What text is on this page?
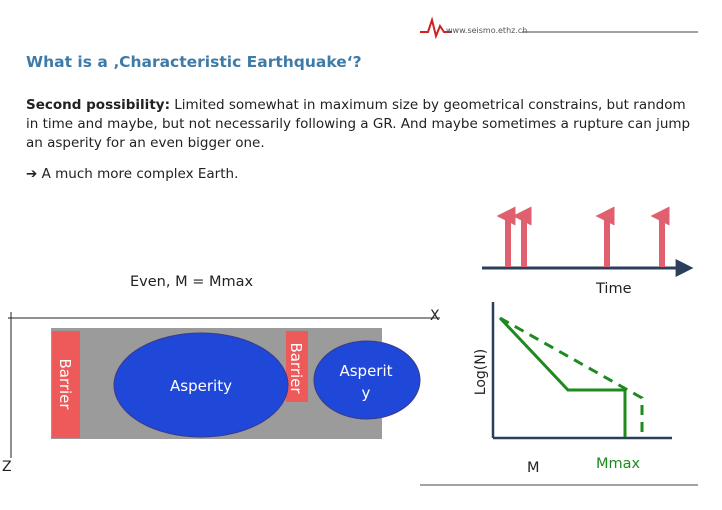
www.seismo.ethz.ch
What is a ‚Characteristic Earthquake‘?
Second possibility: Limited somewhat in maximum size by geometrical constrains, but random in time and maybe, but not necessarily following a GR. And maybe sometimes a rupture can jump an asperity for an even bigger one.
➔ A much more complex Earth.
Even, M = Mmax	Time
X
Z
Barrier	Barrier
Asperity
Asperit
y	Log(N)
M	Mmax
